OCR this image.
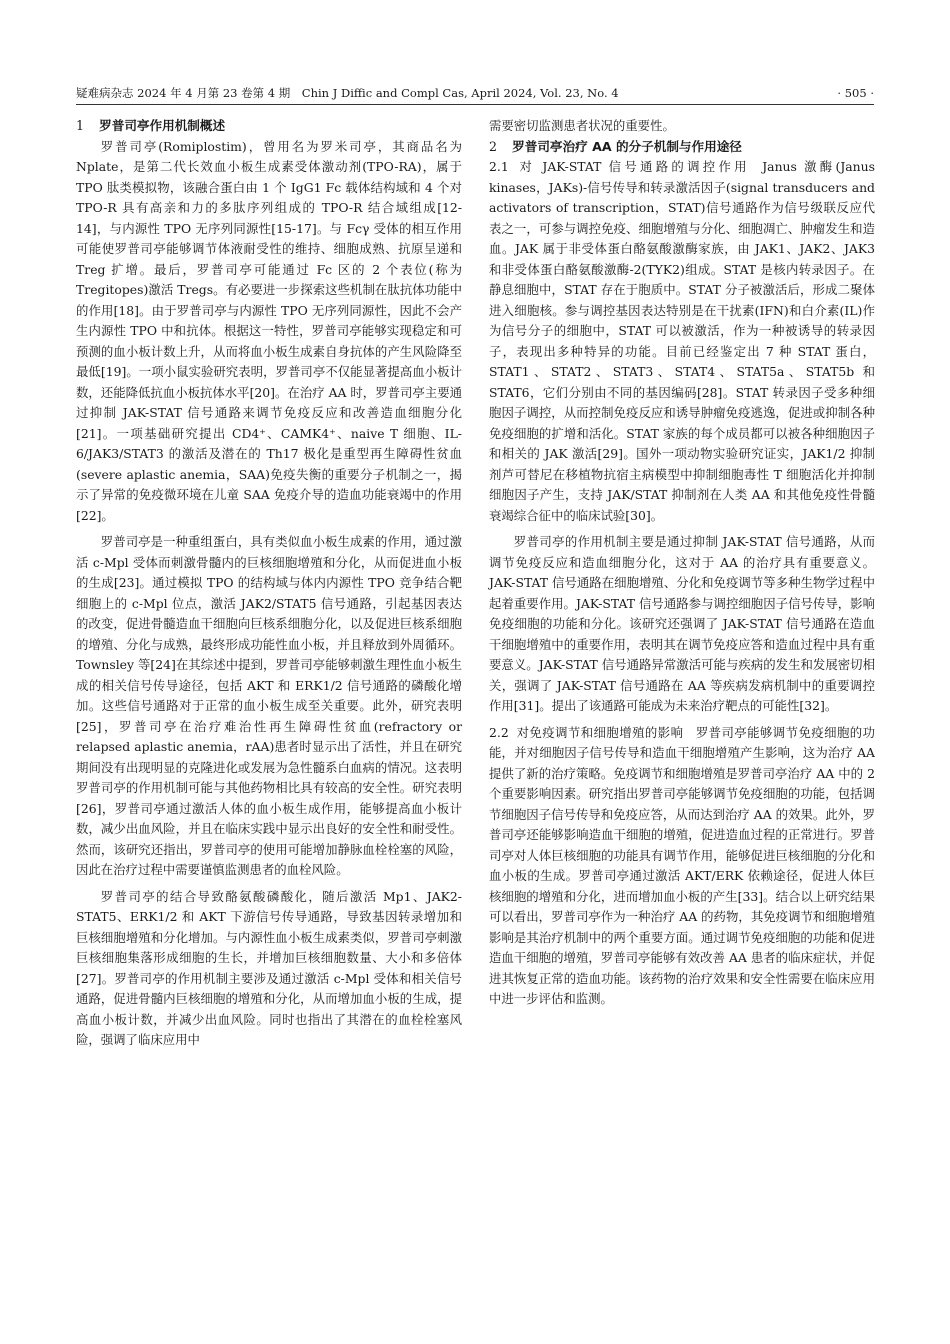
疑难病杂志 2024 年 4 月第 23 卷第 4 期　Chin J Diffic and Compl Cas, April 2024, Vol. 23, No. 4	· 505 ·
1 罗普司亭作用机制概述

罗普司亭(Romiplostim)，曾用名为罗米司亭，其商品名为 Nplate，是第二代长效血小板生成素受体激动剂(TPO-RA)，属于 TPO 肽类模拟物，该融合蛋白由 1 个 IgG1 Fc 载体结构域和 4 个对 TPO-R 具有高亲和力的多肽序列组成的 TPO-R 结合域组成[12-14]，与内源性 TPO 无序列同源性[15-17]。与 Fcγ 受体的相互作用可能使罗普司亭能够调节体液耐受性的维持、细胞成熟、抗原呈递和 Treg 扩增。最后，罗普司亭可能通过 Fc 区的 2 个表位(称为 Tregitopes)激活 Tregs。有必要进一步探索这些机制在肽抗体功能中的作用[18]。由于罗普司亭与内源性 TPO 无序列同源性，因此不会产生内源性 TPO 中和抗体。根据这一特性，罗普司亭能够实现稳定和可预测的血小板计数上升，从而将血小板生成素自身抗体的产生风险降至最低[19]。一项小鼠实验研究表明，罗普司亭不仅能显著提高血小板计数，还能降低抗血小板抗体水平[20]。在治疗 AA 时，罗普司亭主要通过抑制 JAK-STAT 信号通路来调节免疫反应和改善造血细胞分化[21]。一项基础研究提出 CD4⁺、CAMK4⁺、naive T 细胞、IL-6/JAK3/STAT3 的激活及潜在的 Th17 极化是重型再生障碍性贫血(severe aplastic anemia，SAA)免疫失衡的重要分子机制之一，揭示了异常的免疫微环境在儿童 SAA 免疫介导的造血功能衰竭中的作用[22]。

罗普司亭是一种重组蛋白，具有类似血小板生成素的作用，通过激活 c-Mpl 受体而刺激骨髓内的巨核细胞增殖和分化，从而促进血小板的生成[23]。通过模拟 TPO 的结构域与体内内源性 TPO 竞争结合靶细胞上的 c-Mpl 位点，激活 JAK2/STAT5 信号通路，引起基因表达的改变，促进骨髓造血干细胞向巨核系细胞分化，以及促进巨核系细胞的增殖、分化与成熟，最终形成功能性血小板，并且释放到外周循环。Townsley 等[24]在其综述中提到，罗普司亭能够刺激生理性血小板生成的相关信号传导途径，包括 AKT 和 ERK1/2 信号通路的磷酸化增加。这些信号通路对于正常的血小板生成至关重要。此外，研究表明[25]，罗普司亭在治疗难治性再生障碍性贫血(refractory or relapsed aplastic anemia，rAA)患者时显示出了活性，并且在研究期间没有出现明显的克隆进化或发展为急性髓系白血病的情况。这表明罗普司亭的作用机制可能与其他药物相比具有较高的安全性。研究表明[26]，罗普司亭通过激活人体的血小板生成作用，能够提高血小板计数，减少出血风险，并且在临床实践中显示出良好的安全性和耐受性。然而，该研究还指出，罗普司亭的使用可能增加静脉血栓栓塞的风险，因此在治疗过程中需要谨慎监测患者的血栓风险。

罗普司亭的结合导致酪氨酸磷酸化，随后激活 Mp1、JAK2-STAT5、ERK1/2 和 AKT 下游信号传导通路，导致基因转录增加和巨核细胞增殖和分化增加。与内源性血小板生成素类似，罗普司亭刺激巨核细胞集落形成细胞的生长，并增加巨核细胞数量、大小和多倍体[27]。罗普司亭的作用机制主要涉及通过激活 c-Mpl 受体和相关信号通路，促进骨髓内巨核细胞的增殖和分化，从而增加血小板的生成，提高血小板计数，并减少出血风险。同时也指出了其潜在的血栓栓塞风险，强调了临床应用中

需要密切监测患者状况的重要性。

2 罗普司亭治疗 AA 的分子机制与作用途径

2.1 对 JAK-STAT 信号通路的调控作用 Janus 激酶(Janus kinases，JAKs)-信号传导和转录激活因子(signal transducers and activators of transcription，STAT)信号通路作为信号级联反应代表之一，可参与调控免疫、细胞增殖与分化、细胞凋亡、肿瘤发生和造血。JAK 属于非受体蛋白酪氨酸激酶家族，由 JAK1、JAK2、JAK3 和非受体蛋白酪氨酸激酶-2(TYK2)组成。STAT 是核内转录因子。在静息细胞中，STAT 存在于胞质中。STAT 分子被激活后，形成二聚体进入细胞核。参与调控基因表达特别是在干扰素(IFN)和白介素(IL)作为信号分子的细胞中，STAT 可以被激活，作为一种被诱导的转录因子，表现出多种特异的功能。目前已经鉴定出 7 种 STAT 蛋白，STAT1、STAT2、STAT3、STAT4、STAT5a、STAT5b 和 STAT6，它们分别由不同的基因编码[28]。STAT 转录因子受多种细胞因子调控，从而控制免疫反应和诱导肿瘤免疫逃逸，促进或抑制各种免疫细胞的扩增和活化。STAT 家族的每个成员都可以被各种细胞因子和相关的 JAK 激活[29]。国外一项动物实验研究证实，JAK1/2 抑制剂芦可替尼在移植物抗宿主病模型中抑制细胞毒性 T 细胞活化并抑制细胞因子产生，支持 JAK/STAT 抑制剂在人类 AA 和其他免疫性骨髓衰竭综合征中的临床试验[30]。

罗普司亭的作用机制主要是通过抑制 JAK-STAT 信号通路，从而调节免疫反应和造血细胞分化，这对于 AA 的治疗具有重要意义。JAK-STAT 信号通路在细胞增殖、分化和免疫调节等多种生物学过程中起着重要作用。JAK-STAT 信号通路参与调控细胞因子信号传导，影响免疫细胞的功能和分化。该研究还强调了 JAK-STAT 信号通路在造血干细胞增殖中的重要作用，表明其在调节免疫应答和造血过程中具有重要意义。JAK-STAT 信号通路异常激活可能与疾病的发生和发展密切相关，强调了 JAK-STAT 信号通路在 AA 等疾病发病机制中的重要调控作用[31]。提出了该通路可能成为未来治疗靶点的可能性[32]。

2.2 对免疫调节和细胞增殖的影响 罗普司亭能够调节免疫细胞的功能，并对细胞因子信号传导和造血干细胞增殖产生影响，这为治疗 AA 提供了新的治疗策略。免疫调节和细胞增殖是罗普司亭治疗 AA 中的 2 个重要影响因素。研究指出罗普司亭能够调节免疫细胞的功能，包括调节细胞因子信号传导和免疫应答，从而达到治疗 AA 的效果。此外，罗普司亭还能够影响造血干细胞的增殖，促进造血过程的正常进行。罗普司亭对人体巨核细胞的功能具有调节作用，能够促进巨核细胞的分化和血小板的生成。罗普司亭通过激活 AKT/ERK 依赖途径，促进人体巨核细胞的增殖和分化，进而增加血小板的产生[33]。结合以上研究结果可以看出，罗普司亭作为一种治疗 AA 的药物，其免疫调节和细胞增殖影响是其治疗机制中的两个重要方面。通过调节免疫细胞的功能和促进造血干细胞的增殖，罗普司亭能够有效改善 AA 患者的临床症状，并促进其恢复正常的造血功能。该药物的治疗效果和安全性需要在临床应用中进一步评估和监测。
